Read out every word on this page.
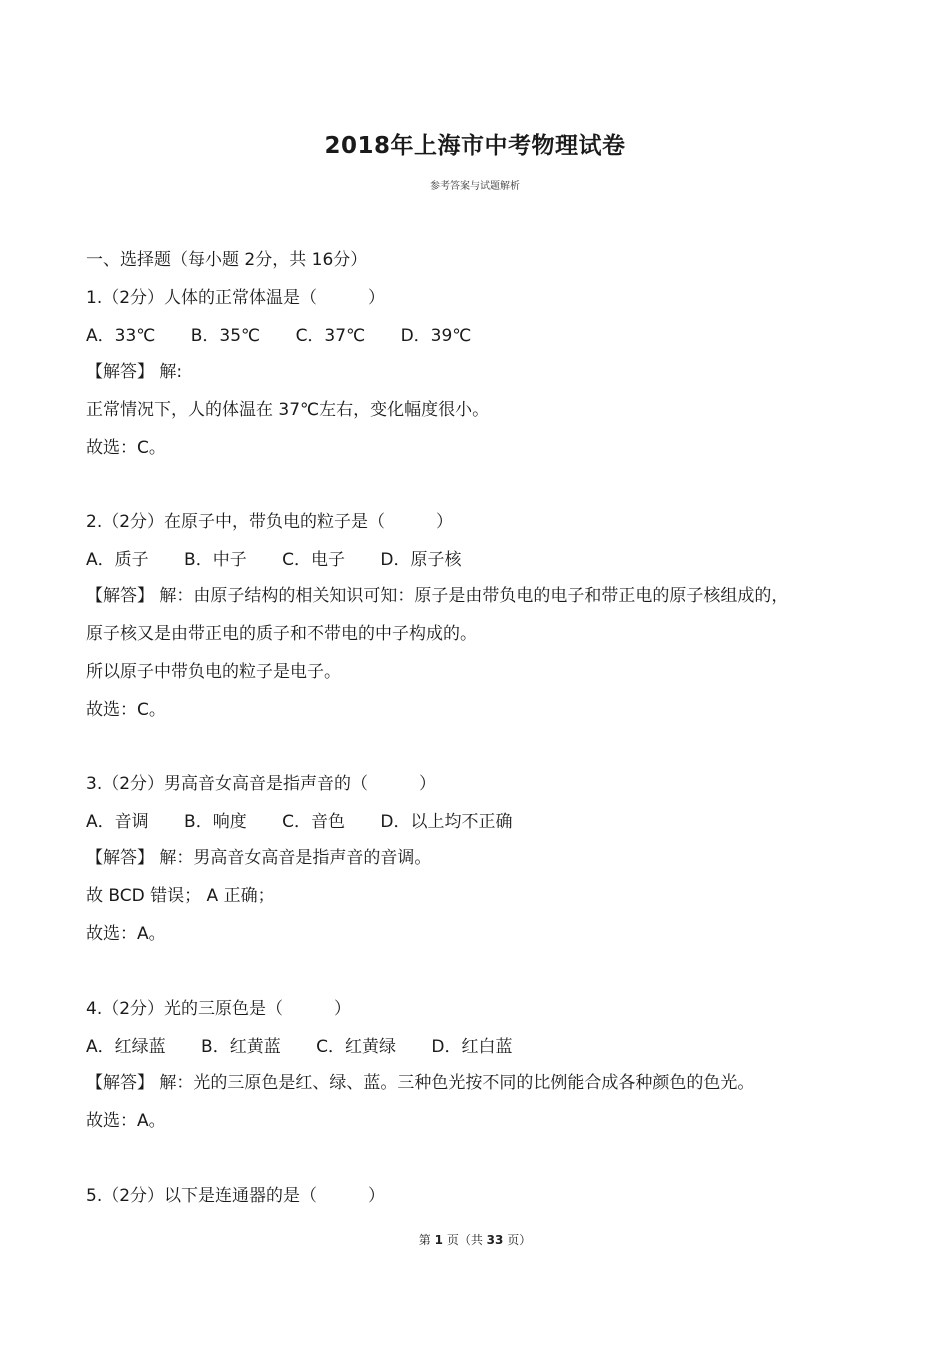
2018年上海市中考物理试卷
参考答案与试题解析
一、选择题（每小题 2分，共 16分）
1.（2分）人体的正常体温是（　　　）
A．33℃ B．35℃ C．37℃ D．39℃
【解答】 解:
正常情况下，人的体温在 37℃左右，变化幅度很小。
故选：C。
2.（2分）在原子中，带负电的粒子是（　　　）
A．质子 B．中子 C．电子 D．原子核
【解答】 解：由原子结构的相关知识可知：原子是由带负电的电子和带正电的原子核组成的，
原子核又是由带正电的质子和不带电的中子构成的。
所以原子中带负电的粒子是电子。
故选：C。
3.（2分）男高音女高音是指声音的（　　　）
A．音调 B．响度 C．音色 D．以上均不正确
【解答】 解：男高音女高音是指声音的音调。
故 BCD 错误； A 正确；
故选：A。
4.（2分）光的三原色是（　　　）
A．红绿蓝 B．红黄蓝 C．红黄绿 D．红白蓝
【解答】 解：光的三原色是红、绿、蓝。三种色光按不同的比例能合成各种颜色的色光。
故选：A。
5.（2分）以下是连通器的是（　　　）
第 1 页（共 33 页）
